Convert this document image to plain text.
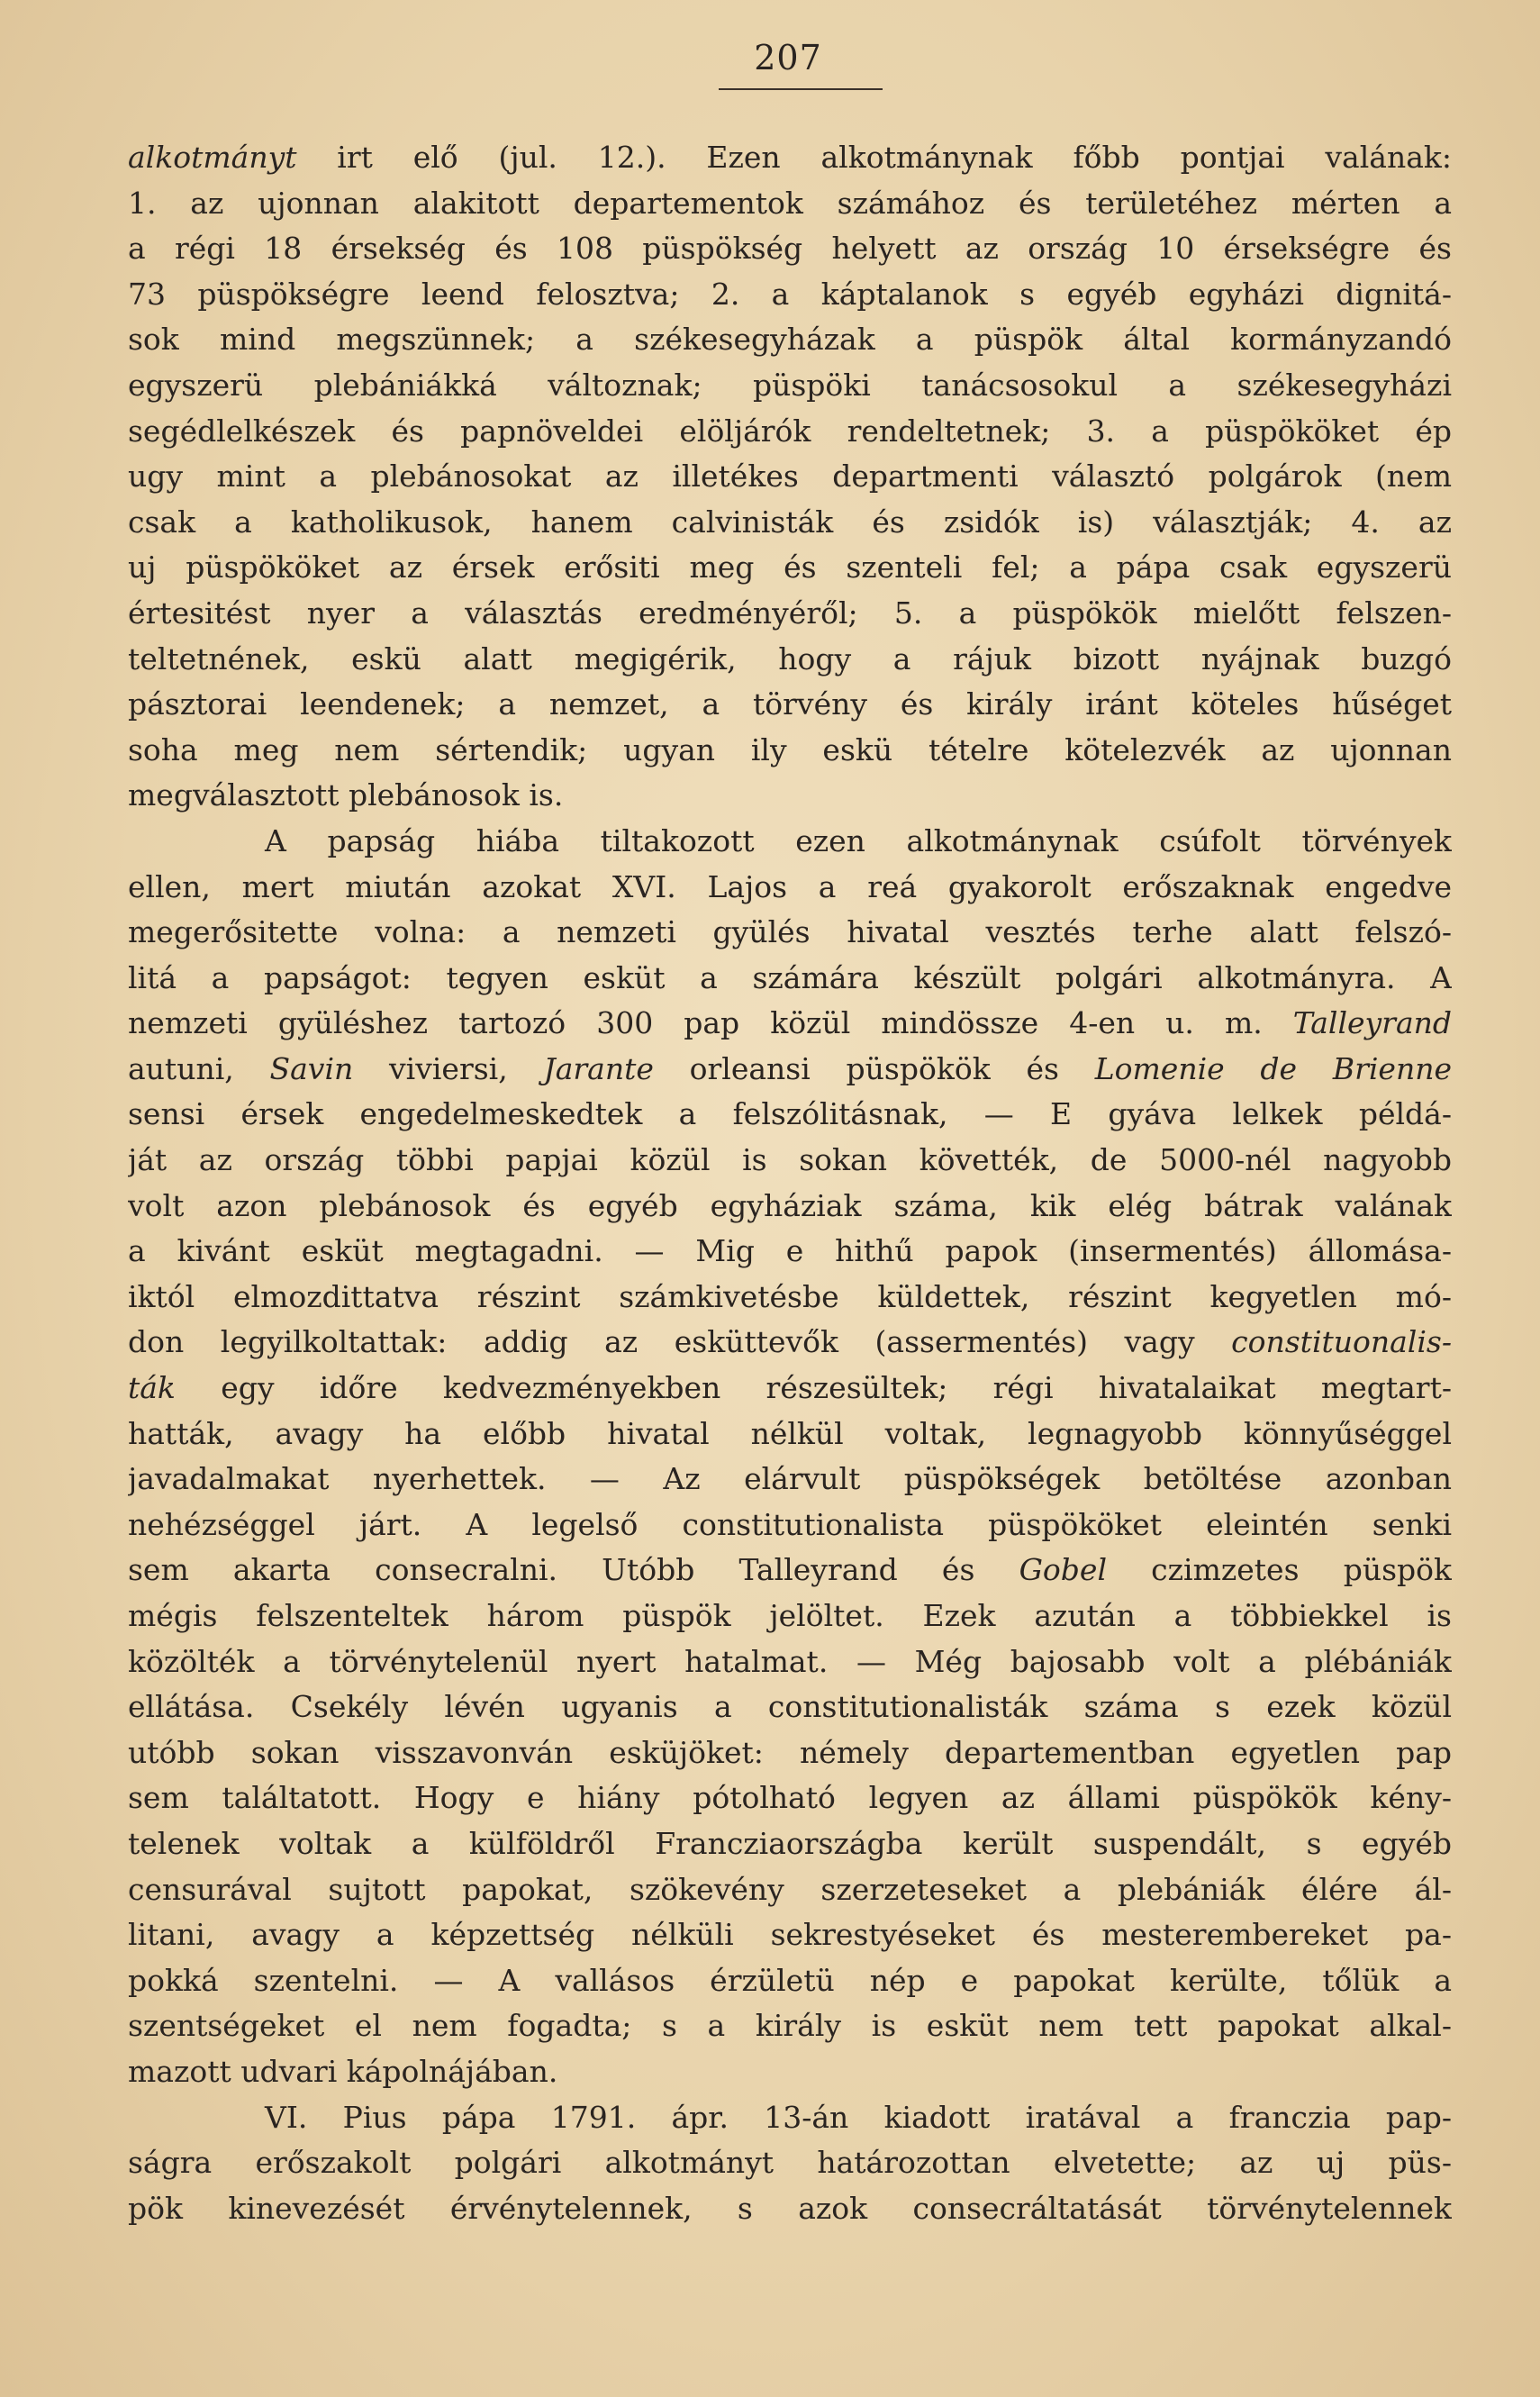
207
alkotmányt irt elő (jul. 12.). Ezen alkotmánynak főbb pontjai valának:
1. az ujonnan alakitott departementok számához és területéhez mérten a
a régi 18 érsekség és 108 püspökség helyett az ország 10 érsekségre és
73 püspökségre leend felosztva; 2. a káptalanok s egyéb egyházi dignitá-
sok mind megszünnek; a székesegyházak a püspök által kormányzandó
egyszerü plebániákká változnak; püspöki tanácsosokul a székesegyházi
segédlelkészek és papnöveldei elöljárók rendeltetnek; 3. a püspököket ép
ugy mint a plebánosokat az illetékes departmenti választó polgárok (nem
csak a katholikusok, hanem calvinisták és zsidók is) választják; 4. az
uj püspököket az érsek erősiti meg és szenteli fel; a pápa csak egyszerü
értesitést nyer a választás eredményéről; 5. a püspökök mielőtt felszen-
teltetnének, eskü alatt megigérik, hogy a rájuk bizott nyájnak buzgó
pásztorai leendenek; a nemzet, a törvény és király iránt köteles hűséget
soha meg nem sértendik; ugyan ily eskü tételre kötelezvék az ujonnan
megválasztott plebánosok is.
A papság hiába tiltakozott ezen alkotmánynak csúfolt törvények
ellen, mert miután azokat XVI. Lajos a reá gyakorolt erőszaknak engedve
megerősitette volna: a nemzeti gyülés hivatal vesztés terhe alatt felszó-
litá a papságot: tegyen esküt a számára készült polgári alkotmányra. A
nemzeti gyüléshez tartozó 300 pap közül mindössze 4-en u. m. Talleyrand
autuni, Savin viviersi, Jarante orleansi püspökök és Lomenie de Brienne
sensi érsek engedelmeskedtek a felszólitásnak, — E gyáva lelkek példá-
ját az ország többi papjai közül is sokan követték, de 5000-nél nagyobb
volt azon plebánosok és egyéb egyháziak száma, kik elég bátrak valának
a kivánt esküt megtagadni. — Mig e hithű papok (insermentés) állomása-
iktól elmozdittatva részint számkivetésbe küldettek, részint kegyetlen mó-
don legyilkoltattak: addig az esküttevők (assermentés) vagy constituonalis-
ták egy időre kedvezményekben részesültek; régi hivatalaikat megtart-
hatták, avagy ha előbb hivatal nélkül voltak, legnagyobb könnyűséggel
javadalmakat nyerhettek. — Az elárvult püspökségek betöltése azonban
nehézséggel járt. A legelső constitutionalista püspököket eleintén senki
sem akarta consecralni. Utóbb Talleyrand és Gobel czimzetes püspök
mégis felszenteltek három püspök jelöltet. Ezek azután a többiekkel is
közölték a törvénytelenül nyert hatalmat. — Még bajosabb volt a plébániák
ellátása. Csekély lévén ugyanis a constitutionalisták száma s ezek közül
utóbb sokan visszavonván esküjöket: némely departementban egyetlen pap
sem találtatott. Hogy e hiány pótolható legyen az állami püspökök kény-
telenek voltak a külföldről Francziaországba került suspendált, s egyéb
censurával sujtott papokat, szökevény szerzeteseket a plebániák élére ál-
litani, avagy a képzettség nélküli sekrestyéseket és mesterembereket pa-
pokká szentelni. — A vallásos érzületü nép e papokat kerülte, tőlük a
szentségeket el nem fogadta; s a király is esküt nem tett papokat alkal-
mazott udvari kápolnájában.
VI. Pius pápa 1791. ápr. 13-án kiadott iratával a franczia pap-
ságra erőszakolt polgári alkotmányt határozottan elvetette; az uj püs-
pök kinevezését érvénytelennek, s azok consecráltatását törvénytelennek
